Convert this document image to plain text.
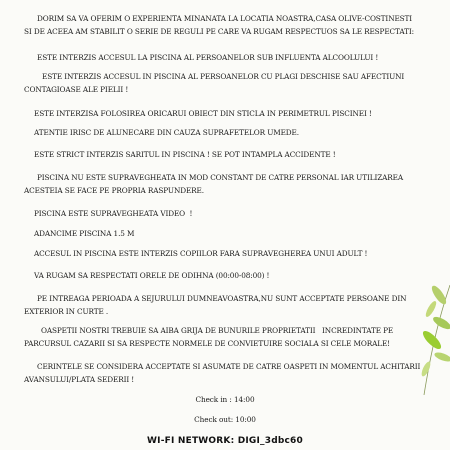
DORIM SA VA OFERIM O EXPERIENTA MINANATA LA LOCATIA NOASTRA,CASA OLIVE-COSTINESTI
SI DE ACEEA AM STABILIT O SERIE DE REGULI PE CARE VA RUGAM RESPECTUOS SA LE RESPECTATI:
ESTE INTERZIS ACCESUL LA PISCINA AL PERSOANELOR SUB INFLUENTA ALCOOLULUI !
ESTE INTERZIS ACCESUL IN PISCINA AL PERSOANELOR CU PLAGI DESCHISE SAU AFECTIUNI
CONTAGIOASE ALE PIELII !
ESTE INTERZISA FOLOSIREA ORICARUI OBIECT DIN STICLA IN PERIMETRUL PISCINEI !
ATENTIE IRISC DE ALUNECARE DIN CAUZA SUPRAFETELOR UMEDE.
ESTE STRICT INTERZIS SARITUL IN PISCINA ! SE POT INTAMPLA ACCIDENTE !
PISCINA NU ESTE SUPRAVEGHEATA IN MOD CONSTANT DE CATRE PERSONAL IAR UTILIZAREA
ACESTEIA SE FACE PE PROPRIA RASPUNDERE.
PISCINA ESTE SUPRAVEGHEATA VIDEO  !
ADANCIME PISCINA 1.5 M
ACCESUL IN PISCINA ESTE INTERZIS COPIILOR FARA SUPRAVEGHEREA UNUI ADULT !
VA RUGAM SA RESPECTATI ORELE DE ODIHNA (00:00-08:00) !
PE INTREAGA PERIOADA A SEJURULUI DUMNEAVOASTRA,NU SUNT ACCEPTATE PERSOANE DIN
EXTERIOR IN CURTE .
OASPETII NOSTRI TREBUIE SA AIBA GRIJA DE BUNURILE PROPRIETATII   INCREDINTATE PE
PARCURSUL CAZARII SI SA RESPECTE NORMELE DE CONVIETUIRE SOCIALA SI CELE MORALE!
CERINTELE SE CONSIDERA ACCEPTATE SI ASUMATE DE CATRE OASPETI IN MOMENTUL ACHITARII
AVANSULUI/PLATA SEDERII !
Check in : 14:00
Check out: 10:00
WI-FI NETWORK: DIGI_3dbc60
